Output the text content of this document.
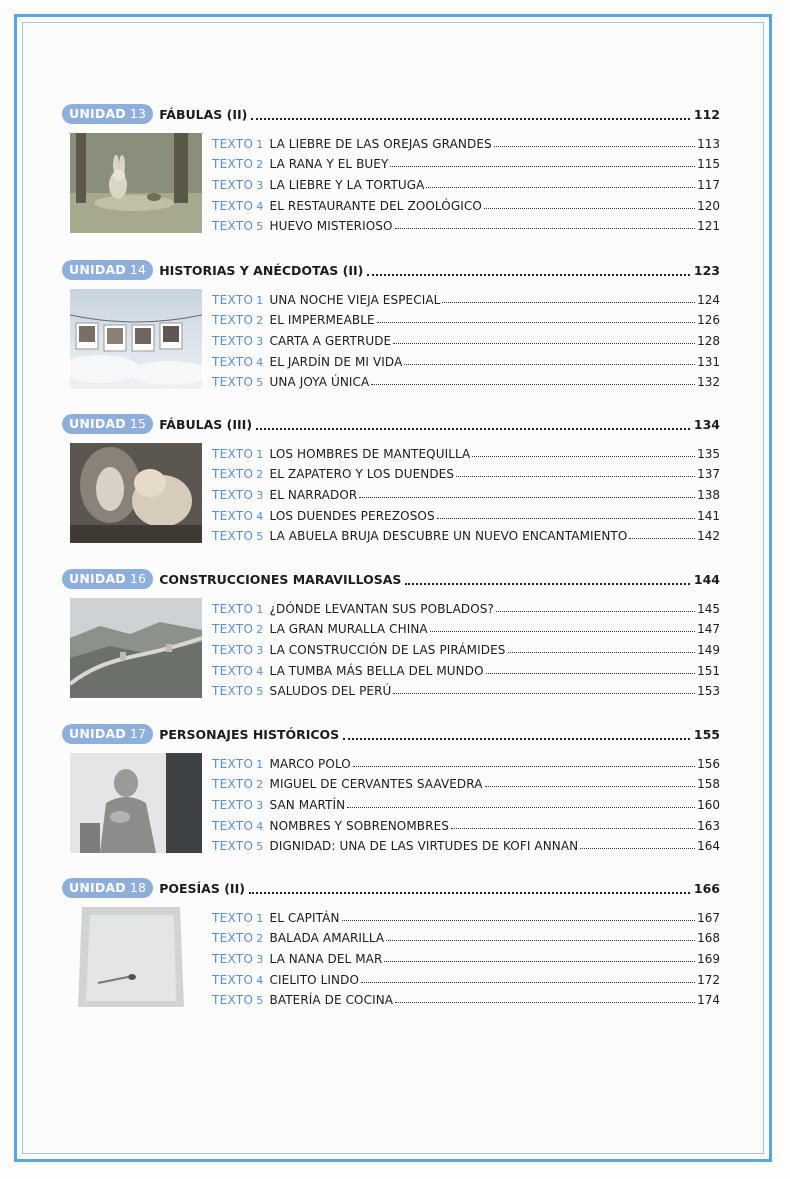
UNIDAD 13	FÁBULAS (II)	112
TEXTO 1 LA LIEBRE DE LAS OREJAS GRANDES	113
TEXTO 2 LA RANA Y EL BUEY	115
TEXTO 3 LA LIEBRE Y LA TORTUGA	117
TEXTO 4 EL RESTAURANTE DEL ZOOLÓGICO	120
TEXTO 5 HUEVO MISTERIOSO	121
UNIDAD 14	HISTORIAS Y ANÉCDOTAS (II)	123
TEXTO 1 UNA NOCHE VIEJA ESPECIAL	124
TEXTO 2 EL IMPERMEABLE	126
TEXTO 3 CARTA A GERTRUDE	128
TEXTO 4 EL JARDÍN DE MI VIDA	131
TEXTO 5 UNA JOYA ÚNICA	132
UNIDAD 15	FÁBULAS (III)	134
TEXTO 1 LOS HOMBRES DE MANTEQUILLA	135
TEXTO 2 EL ZAPATERO Y LOS DUENDES	137
TEXTO 3 EL NARRADOR	138
TEXTO 4 LOS DUENDES PEREZOSOS	141
TEXTO 5 LA ABUELA BRUJA DESCUBRE UN NUEVO ENCANTAMIENTO	142
UNIDAD 16	CONSTRUCCIONES MARAVILLOSAS	144
TEXTO 1 ¿DÓNDE LEVANTAN SUS POBLADOS?	145
TEXTO 2 LA GRAN MURALLA CHINA	147
TEXTO 3 LA CONSTRUCCIÓN DE LAS PIRÁMIDES	149
TEXTO 4 LA TUMBA MÁS BELLA DEL MUNDO	151
TEXTO 5 SALUDOS DEL PERÚ	153
UNIDAD 17	PERSONAJES HISTÓRICOS	155
TEXTO 1 MARCO POLO	156
TEXTO 2 MIGUEL DE CERVANTES SAAVEDRA	158
TEXTO 3 SAN MARTÍN	160
TEXTO 4 NOMBRES Y SOBRENOMBRES	163
TEXTO 5 DIGNIDAD: UNA DE LAS VIRTUDES DE KOFI ANNAN	164
UNIDAD 18	POESÍAS (II)	166
TEXTO 1 EL CAPITÁN	167
TEXTO 2 BALADA AMARILLA	168
TEXTO 3 LA NANA DEL MAR	169
TEXTO 4 CIELITO LINDO	172
TEXTO 5 BATERÍA DE COCINA	174
